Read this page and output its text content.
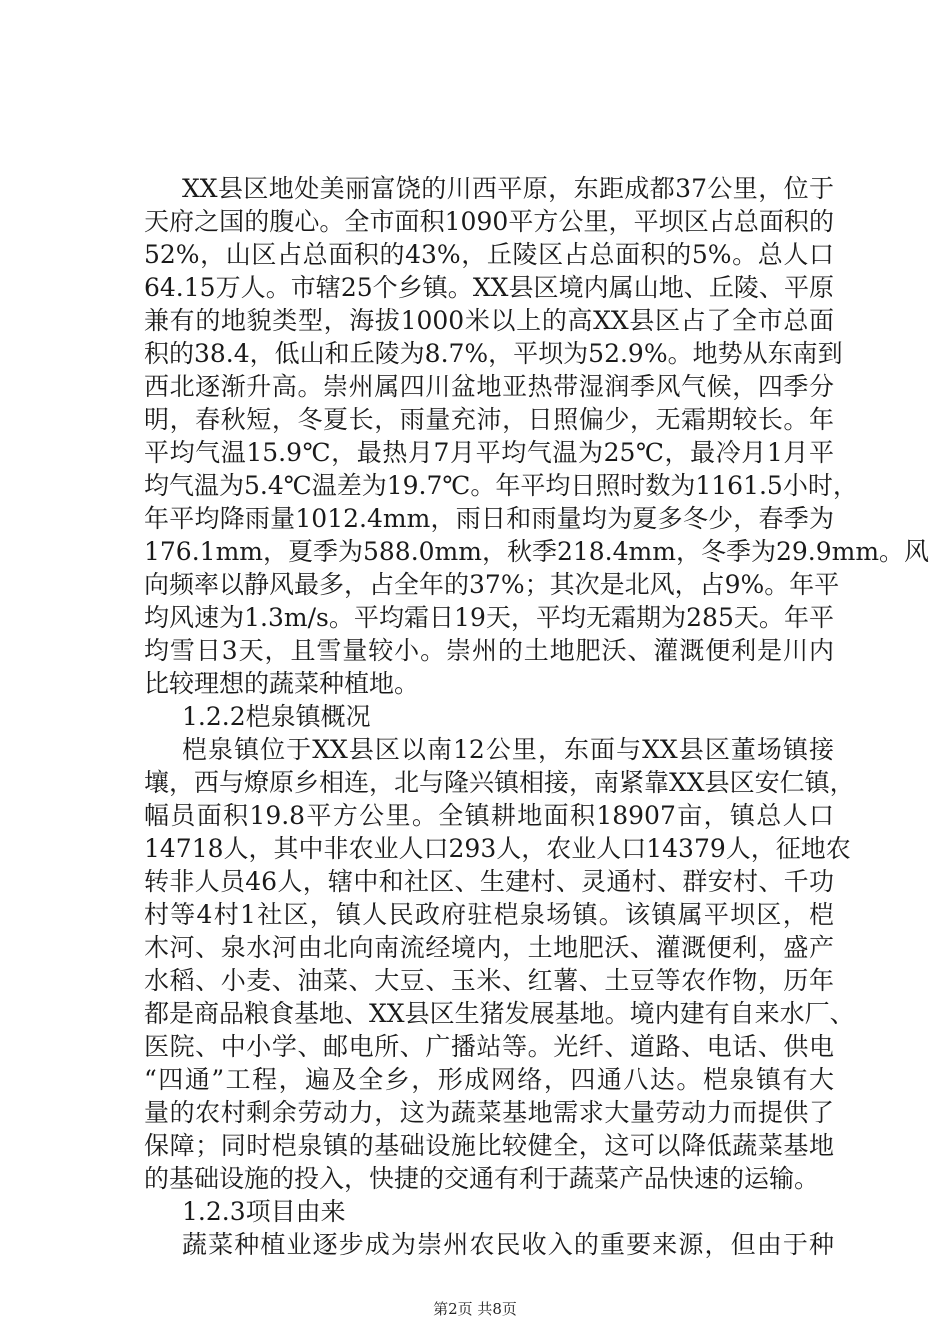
XX县区地处美丽富饶的川西平原，东距成都37公里，位于
天府之国的腹心。全市面积1090平方公里，平坝区占总面积的
52%，山区占总面积的43%，丘陵区占总面积的5%。总人口
64.15万人。市辖25个乡镇。XX县区境内属山地、丘陵、平原
兼有的地貌类型，海拔1000米以上的高XX县区占了全市总面
积的38.4，低山和丘陵为8.7%，平坝为52.9%。地势从东南到
西北逐渐升高。崇州属四川盆地亚热带湿润季风气候，四季分
明，春秋短，冬夏长，雨量充沛，日照偏少，无霜期较长。年
平均气温15.9℃，最热月7月平均气温为25℃，最冷月1月平
均气温为5.4℃温差为19.7℃。年平均日照时数为1161.5小时，
年平均降雨量1012.4mm，雨日和雨量均为夏多冬少，春季为
176.1mm，夏季为588.0mm，秋季218.4mm，冬季为29.9mm。风
向频率以静风最多，占全年的37%；其次是北风，占9%。年平
均风速为1.3m/s。平均霜日19天，平均无霜期为285天。年平
均雪日3天，且雪量较小。崇州的土地肥沃、灌溉便利是川内
比较理想的蔬菜种植地。
1.2.2桤泉镇概况
桤泉镇位于XX县区以南12公里，东面与XX县区董场镇接
壤，西与燎原乡相连，北与隆兴镇相接，南紧靠XX县区安仁镇，
幅员面积19.8平方公里。全镇耕地面积18907亩，镇总人口
14718人，其中非农业人口293人，农业人口14379人，征地农
转非人员46人，辖中和社区、生建村、灵通村、群安村、千功
村等4村1社区，镇人民政府驻桤泉场镇。该镇属平坝区，桤
木河、泉水河由北向南流经境内，土地肥沃、灌溉便利，盛产
水稻、小麦、油菜、大豆、玉米、红薯、土豆等农作物，历年
都是商品粮食基地、XX县区生猪发展基地。境内建有自来水厂、
医院、中小学、邮电所、广播站等。光纤、道路、电话、供电
“四通”工程，遍及全乡，形成网络，四通八达。桤泉镇有大
量的农村剩余劳动力，这为蔬菜基地需求大量劳动力而提供了
保障；同时桤泉镇的基础设施比较健全，这可以降低蔬菜基地
的基础设施的投入，快捷的交通有利于蔬菜产品快速的运输。
1.2.3项目由来
蔬菜种植业逐步成为崇州农民收入的重要来源，但由于种
第2页 共8页
